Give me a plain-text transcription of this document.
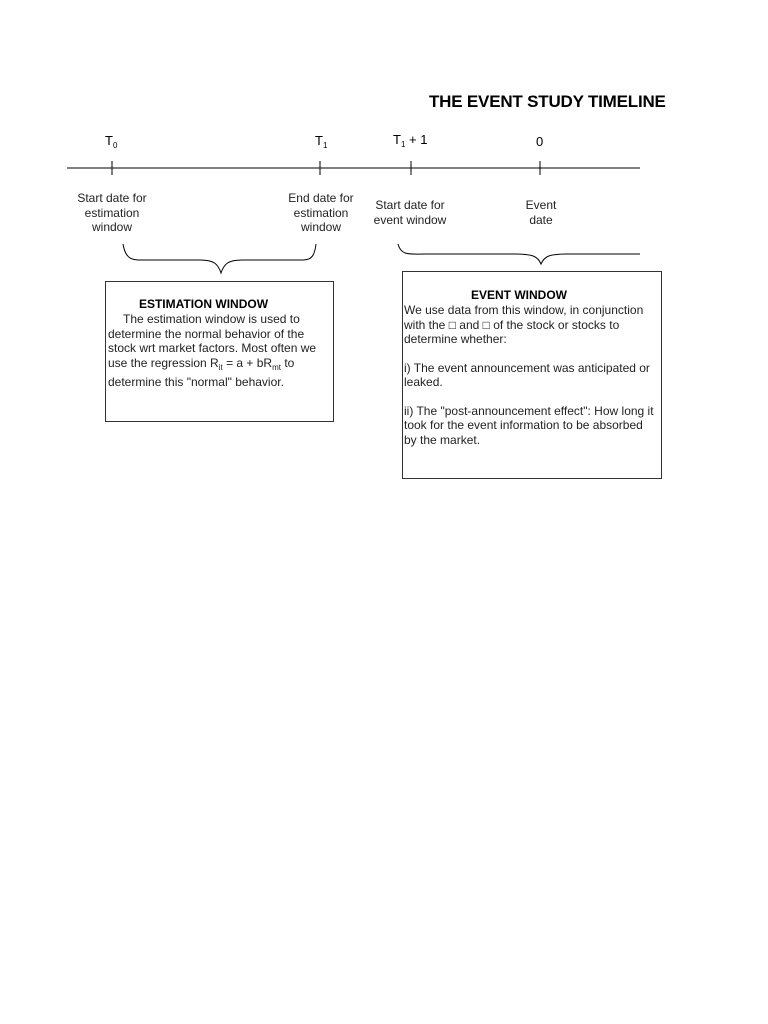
THE EVENT STUDY TIMELINE
$T_0$	$T_1$	$T_1 + 1$	0
Start date for
estimation
window
End date for
estimation
window
Start date for
event window
Event
date
ESTIMATION WINDOW
The estimation window is used to determine the normal behavior of the stock wrt market factors. Most often we use the regression $R_{it} = a + bR_{mt}$ to determine this "normal" behavior.
EVENT WINDOW
We use data from this window, in conjunction with the □ and □ of the stock or stocks to determine whether:
i) The event announcement was anticipated or leaked.
ii) The "post-announcement effect": How long it took for the event information to be absorbed by the market.
